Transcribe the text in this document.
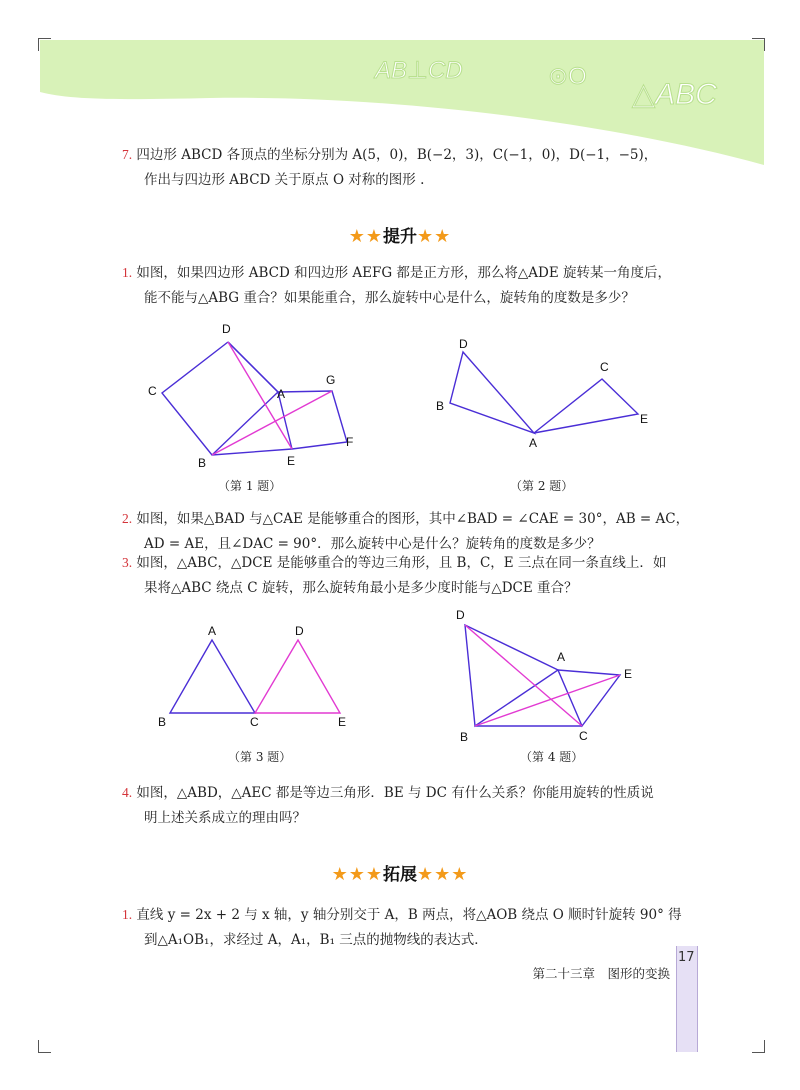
AB⊥CD	⊙O
△ABC
7. 四边形 ABCD 各顶点的坐标分别为 A(5，0)，B(−2，3)，C(−1，0)，D(−1，−5)，
作出与四边形 ABCD 关于原点 O 对称的图形 .
★★提升★★
1. 如图，如果四边形 ABCD 和四边形 AEFG 都是正方形，那么将△ADE 旋转某一角度后，
能不能与△ABG 重合？如果能重合，那么旋转中心是什么，旋转角的度数是多少？
D
C	A
G
F
B	E
（第 1 题）
D
B
A
C
E
（第 2 题）
2. 如图，如果△BAD 与△CAE 是能够重合的图形，其中∠BAD = ∠CAE = 30°，AB = AC，
AD = AE，且∠DAC = 90°．那么旋转中心是什么？旋转角的度数是多少？
3. 如图，△ABC，△DCE 是能够重合的等边三角形，且 B，C，E 三点在同一条直线上．如
果将△ABC 绕点 C 旋转，那么旋转角最小是多少度时能与△DCE 重合？
A	D
B	C	E
（第 3 题）
D
A
E
B	C
（第 4 题）
4. 如图，△ABD，△AEC 都是等边三角形．BE 与 DC 有什么关系？你能用旋转的性质说
明上述关系成立的理由吗？
★★★拓展★★★
1. 直线 y = 2x + 2 与 x 轴，y 轴分别交于 A，B 两点，将△AOB 绕点 O 顺时针旋转 90° 得
到△A₁OB₁，求经过 A，A₁，B₁ 三点的抛物线的表达式．
17
第二十三章　图形的变换
